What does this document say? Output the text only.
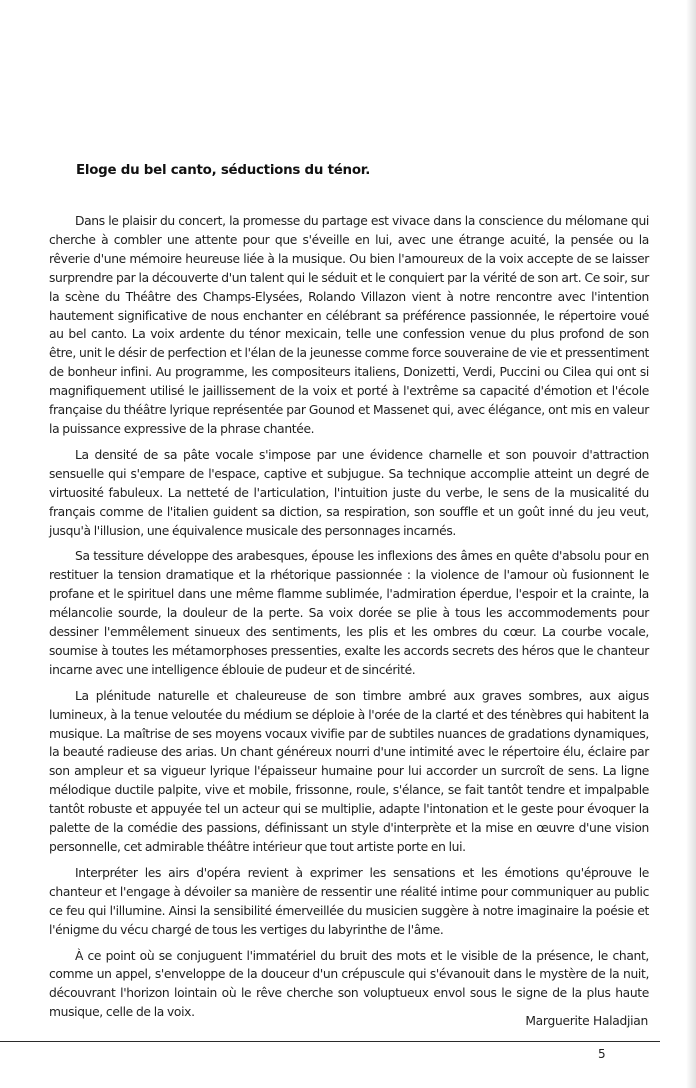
Eloge du bel canto, séductions du ténor.

Dans le plaisir du concert, la promesse du partage est vivace dans la conscience du mélomane qui cherche à combler une attente pour que s'éveille en lui, avec une étrange acuité, la pensée ou la rêverie d'une mémoire heureuse liée à la musique. Ou bien l'amoureux de la voix accepte de se laisser surprendre par la découverte d'un talent qui le séduit et le conquiert par la vérité de son art. Ce soir, sur la scène du Théâtre des Champs-Elysées, Rolando Villazon vient à notre rencontre avec l'intention hautement significative de nous enchanter en célébrant sa préférence passionnée, le répertoire voué au bel canto. La voix ardente du ténor mexicain, telle une confession venue du plus profond de son être, unit le désir de perfection et l'élan de la jeunesse comme force souveraine de vie et pressentiment de bonheur infini. Au programme, les compositeurs italiens, Donizetti, Verdi, Puccini ou Cilea qui ont si magnifiquement utilisé le jaillissement de la voix et porté à l'extrême sa capacité d'émotion et l'école française du théâtre lyrique représentée par Gounod et Massenet qui, avec élégance, ont mis en valeur la puissance expressive de la phrase chantée.

La densité de sa pâte vocale s'impose par une évidence charnelle et son pouvoir d'attraction sensuelle qui s'empare de l'espace, captive et subjugue. Sa technique accomplie atteint un degré de virtuosité fabuleux. La netteté de l'articulation, l'intuition juste du verbe, le sens de la musicalité du français comme de l'italien guident sa diction, sa respiration, son souffle et un goût inné du jeu veut, jusqu'à l'illusion, une équivalence musicale des personnages incarnés.

Sa tessiture développe des arabesques, épouse les inflexions des âmes en quête d'absolu pour en restituer la tension dramatique et la rhétorique passionnée : la violence de l'amour où fusionnent le profane et le spirituel dans une même flamme sublimée, l'admiration éperdue, l'espoir et la crainte, la mélancolie sourde, la douleur de la perte. Sa voix dorée se plie à tous les accommodements pour dessiner l'emmêlement sinueux des sentiments, les plis et les ombres du cœur. La courbe vocale, soumise à toutes les métamorphoses pressenties, exalte les accords secrets des héros que le chanteur incarne avec une intelligence éblouie de pudeur et de sincérité.

La plénitude naturelle et chaleureuse de son timbre ambré aux graves sombres, aux aigus lumineux, à la tenue veloutée du médium se déploie à l'orée de la clarté et des ténèbres qui habitent la musique. La maîtrise de ses moyens vocaux vivifie par de subtiles nuances de gradations dynamiques, la beauté radieuse des arias. Un chant généreux nourri d'une intimité avec le répertoire élu, éclaire par son ampleur et sa vigueur lyrique l'épaisseur humaine pour lui accorder un surcroît de sens. La ligne mélodique ductile palpite, vive et mobile, frissonne, roule, s'élance, se fait tantôt tendre et impalpable tantôt robuste et appuyée tel un acteur qui se multiplie, adapte l'intonation et le geste pour évoquer la palette de la comédie des passions, définissant un style d'interprète et la mise en œuvre d'une vision personnelle, cet admirable théâtre intérieur que tout artiste porte en lui.

Interpréter les airs d'opéra revient à exprimer les sensations et les émotions qu'éprouve le chanteur et l'engage à dévoiler sa manière de ressentir une réalité intime pour communiquer au public ce feu qui l'illumine. Ainsi la sensibilité émerveillée du musicien suggère à notre imaginaire la poésie et l'énigme du vécu chargé de tous les vertiges du labyrinthe de l'âme.

À ce point où se conjuguent l'immatériel du bruit des mots et le visible de la présence, le chant, comme un appel, s'enveloppe de la douceur d'un crépuscule qui s'évanouit dans le mystère de la nuit, découvrant l'horizon lointain où le rêve cherche son voluptueux envol sous le signe de la plus haute musique, celle de la voix.

Marguerite Haladjian
5
